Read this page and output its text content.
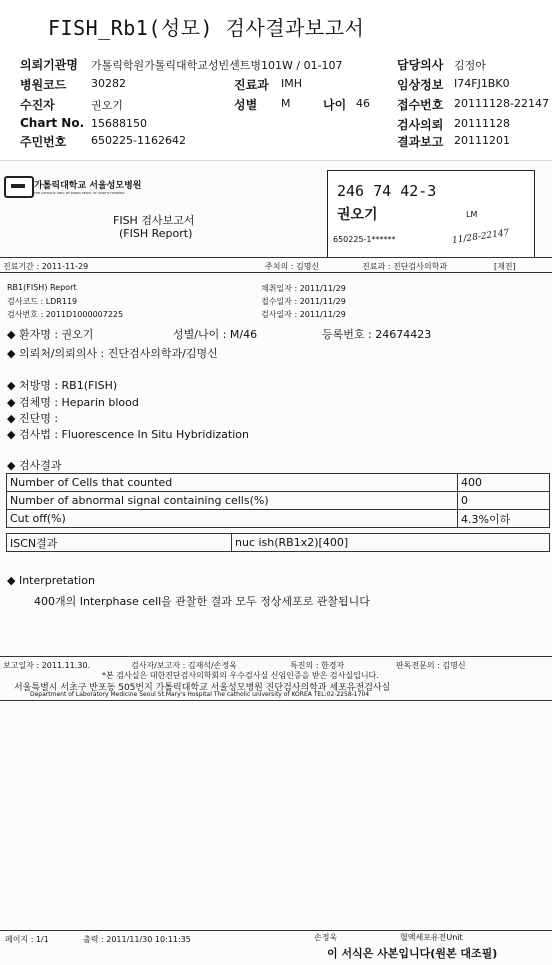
FISH_Rb1(성모) 검사결과보고서
의뢰기관명 가톨릭학원가톨릭대학교성빈센트병101W / 01-107	담당의사 김정아
병원코드 30282	진료과 IMH	임상정보 I74FJ1BK0
수진자	권오기	성별 M	나이 46 접수번호 20111128-22147
Chart No. 15688150	검사의뢰 20111128
주민번호 650225-1162642	결과보고 20111201
가톨릭대학교 서울성모병원
THE CATHOLIC UNIV. OF KOREA SEOUL ST. MARY'S HOSPITAL
FISH 검사보고서
(FISH Report)
246 74 42-3
권오기	LM
650225-1******	11/28-22147
진료기간 : 2011-11-29	주치의 : 김명신	진료과 : 진단검사의학과	[재진]
RB1(FISH) Report
검사코드 : LDR119
검사번호 : 2011D1000007225
채취일자 : 2011/11/29
접수일자 : 2011/11/29
검사일자 : 2011/11/29
◆ 환자명 : 권오기	성별/나이 : M/46	등록번호 : 24674423
◆ 의뢰처/의뢰의사 : 진단검사의학과/김명신
◆ 처방명 : RB1(FISH)
◆ 검체명 : Heparin blood
◆ 진단명 :
◆ 검사법 : Fluorescence In Situ Hybridization
◆ 검사결과
Number of Cells that counted	400
Number of abnormal signal containing cells(%)	0
Cut off(%)	4.3%이하
ISCN결과	nuc ish(RB1x2)[400]
◆ Interpretation
400개의 Interphase cell을 관찰한 결과 모두 정상세포로 관찰됩니다
보고일자 : 2011.11.30.	검사자/보고자 : 김재석/손정욱	특진의 : 한경자	판독전문의 : 김명신
*본 검사실은 대한진단검사의학회의 우수검사실 신임인증을 받은 검사실입니다.
서울특별시 서초구 반포동 505번지 가톨릭대학교 서울성모병원 진단검사의학과 세포유전검사실
Department of Laboratory Medicine Seoul St.Mary's Hospital The catholic university of KOREA TEL:02-2258-1704
페이지 : 1/1	출력 : 2011/11/30 10:11:35	손정욱	혈액세포유전Unit
이 서식은 사본입니다(원본 대조필)
